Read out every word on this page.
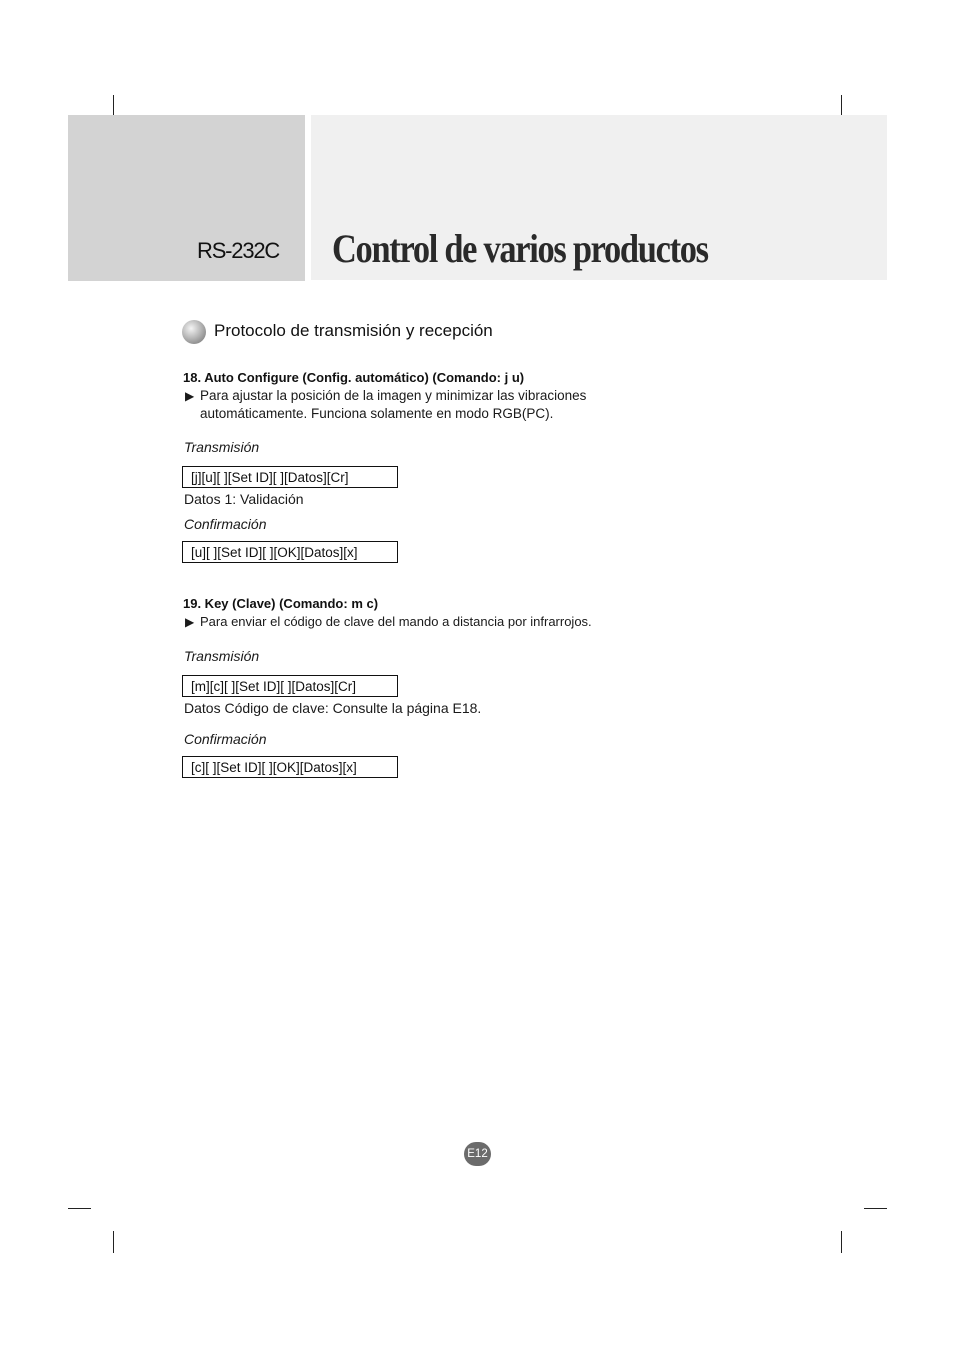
RS-232C Control de varios productos
Protocolo de transmisión y recepción
18. Auto Configure (Config. automático) (Comando: j u)
▶ Para ajustar la posición de la imagen y minimizar las vibraciones
automáticamente. Funciona solamente en modo RGB(PC).
Transmisión
[j][u][ ][Set ID][ ][Datos][Cr]
Datos 1: Validación
Confirmación
[u][ ][Set ID][ ][OK][Datos][x]
19. Key (Clave) (Comando: m c)
▶ Para enviar el código de clave del mando a distancia por infrarrojos.
Transmisión
[m][c][ ][Set ID][ ][Datos][Cr]
Datos Código de clave: Consulte la página E18.
Confirmación
[c][ ][Set ID][ ][OK][Datos][x]
E12
